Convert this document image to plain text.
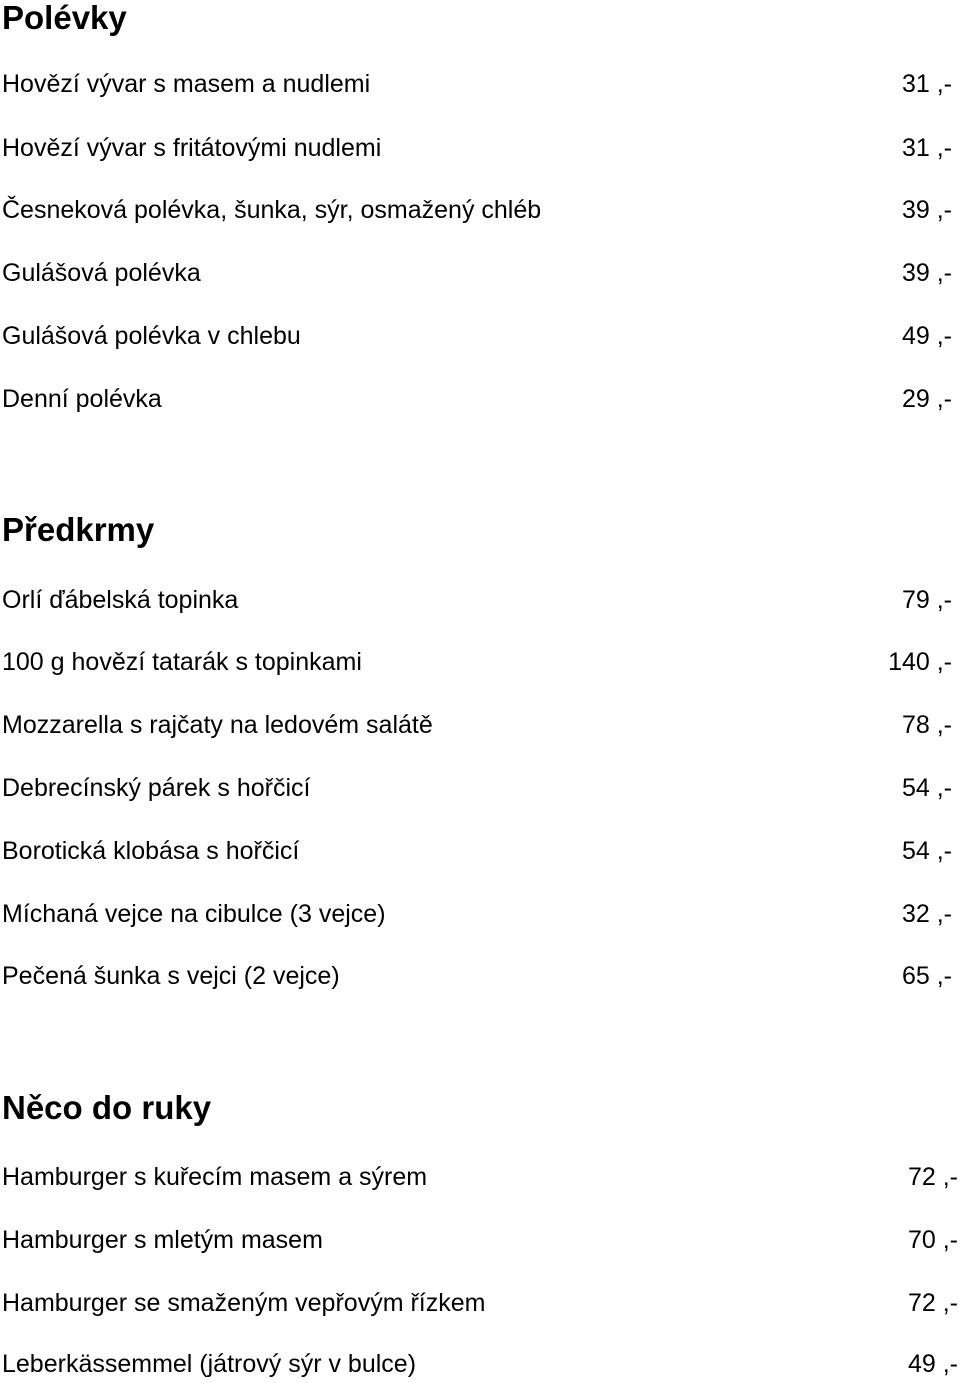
Polévky
Hovězí vývar s masem a nudlemi	31 ,-
Hovězí vývar s fritátovými nudlemi	31 ,-
Česneková polévka, šunka, sýr, osmažený chléb	39 ,-
Gulášová polévka	39 ,-
Gulášová polévka v chlebu	49 ,-
Denní polévka	29 ,-
Předkrmy
Orlí ďábelská topinka	79 ,-
100 g hovězí tatarák s topinkami	140 ,-
Mozzarella s rajčaty na ledovém salátě	78 ,-
Debrecínský párek s hořčicí	54 ,-
Borotická klobása s hořčicí	54 ,-
Míchaná vejce na cibulce (3 vejce)	32 ,-
Pečená šunka s vejci (2 vejce)	65 ,-
Něco do ruky
Hamburger s kuřecím masem a sýrem	72 ,-
Hamburger s mletým masem	70 ,-
Hamburger se smaženým vepřovým řízkem	72 ,-
Leberkässemmel (játrový sýr v bulce)	49 ,-
